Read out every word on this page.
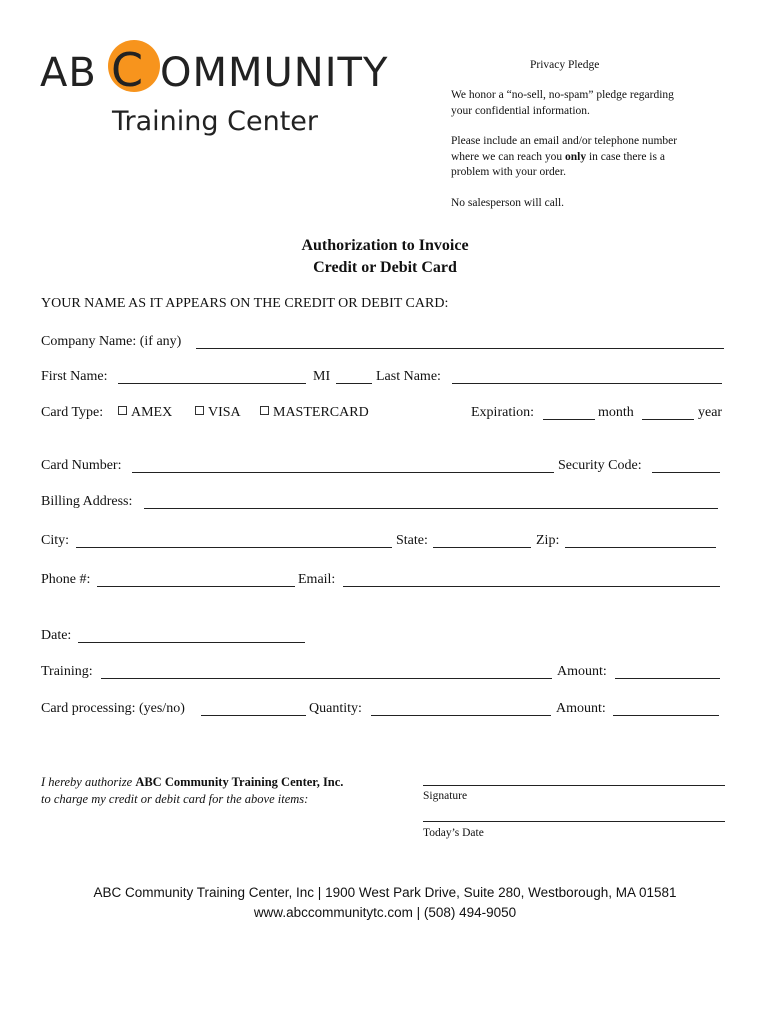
AB C OMMUNITY
Training Center
Privacy Pledge
We honor a “no-sell, no-spam” pledge regarding your confidential information.
Please include an email and/or telephone number where we can reach you only in case there is a problem with your order.
No salesperson will call.
Authorization to Invoice
Credit or Debit Card
YOUR NAME AS IT APPEARS ON THE CREDIT OR DEBIT CARD:
Company Name: (if any)
First Name:	MI	Last Name:
Card Type:	AMEX	VISA	MASTERCARD	Expiration:	month	year
Card Number:	Security Code:
Billing Address:
City:	State:	Zip:
Phone #:	Email:
Date:
Training:	Amount:
Card processing: (yes/no)	Quantity:	Amount:
I hereby authorize ABC Community Training Center, Inc.
to charge my credit or debit card for the above items:	Signature
Today’s Date
ABC Community Training Center, Inc | 1900 West Park Drive, Suite 280, Westborough, MA 01581
www.abccommunitytc.com | (508) 494-9050
